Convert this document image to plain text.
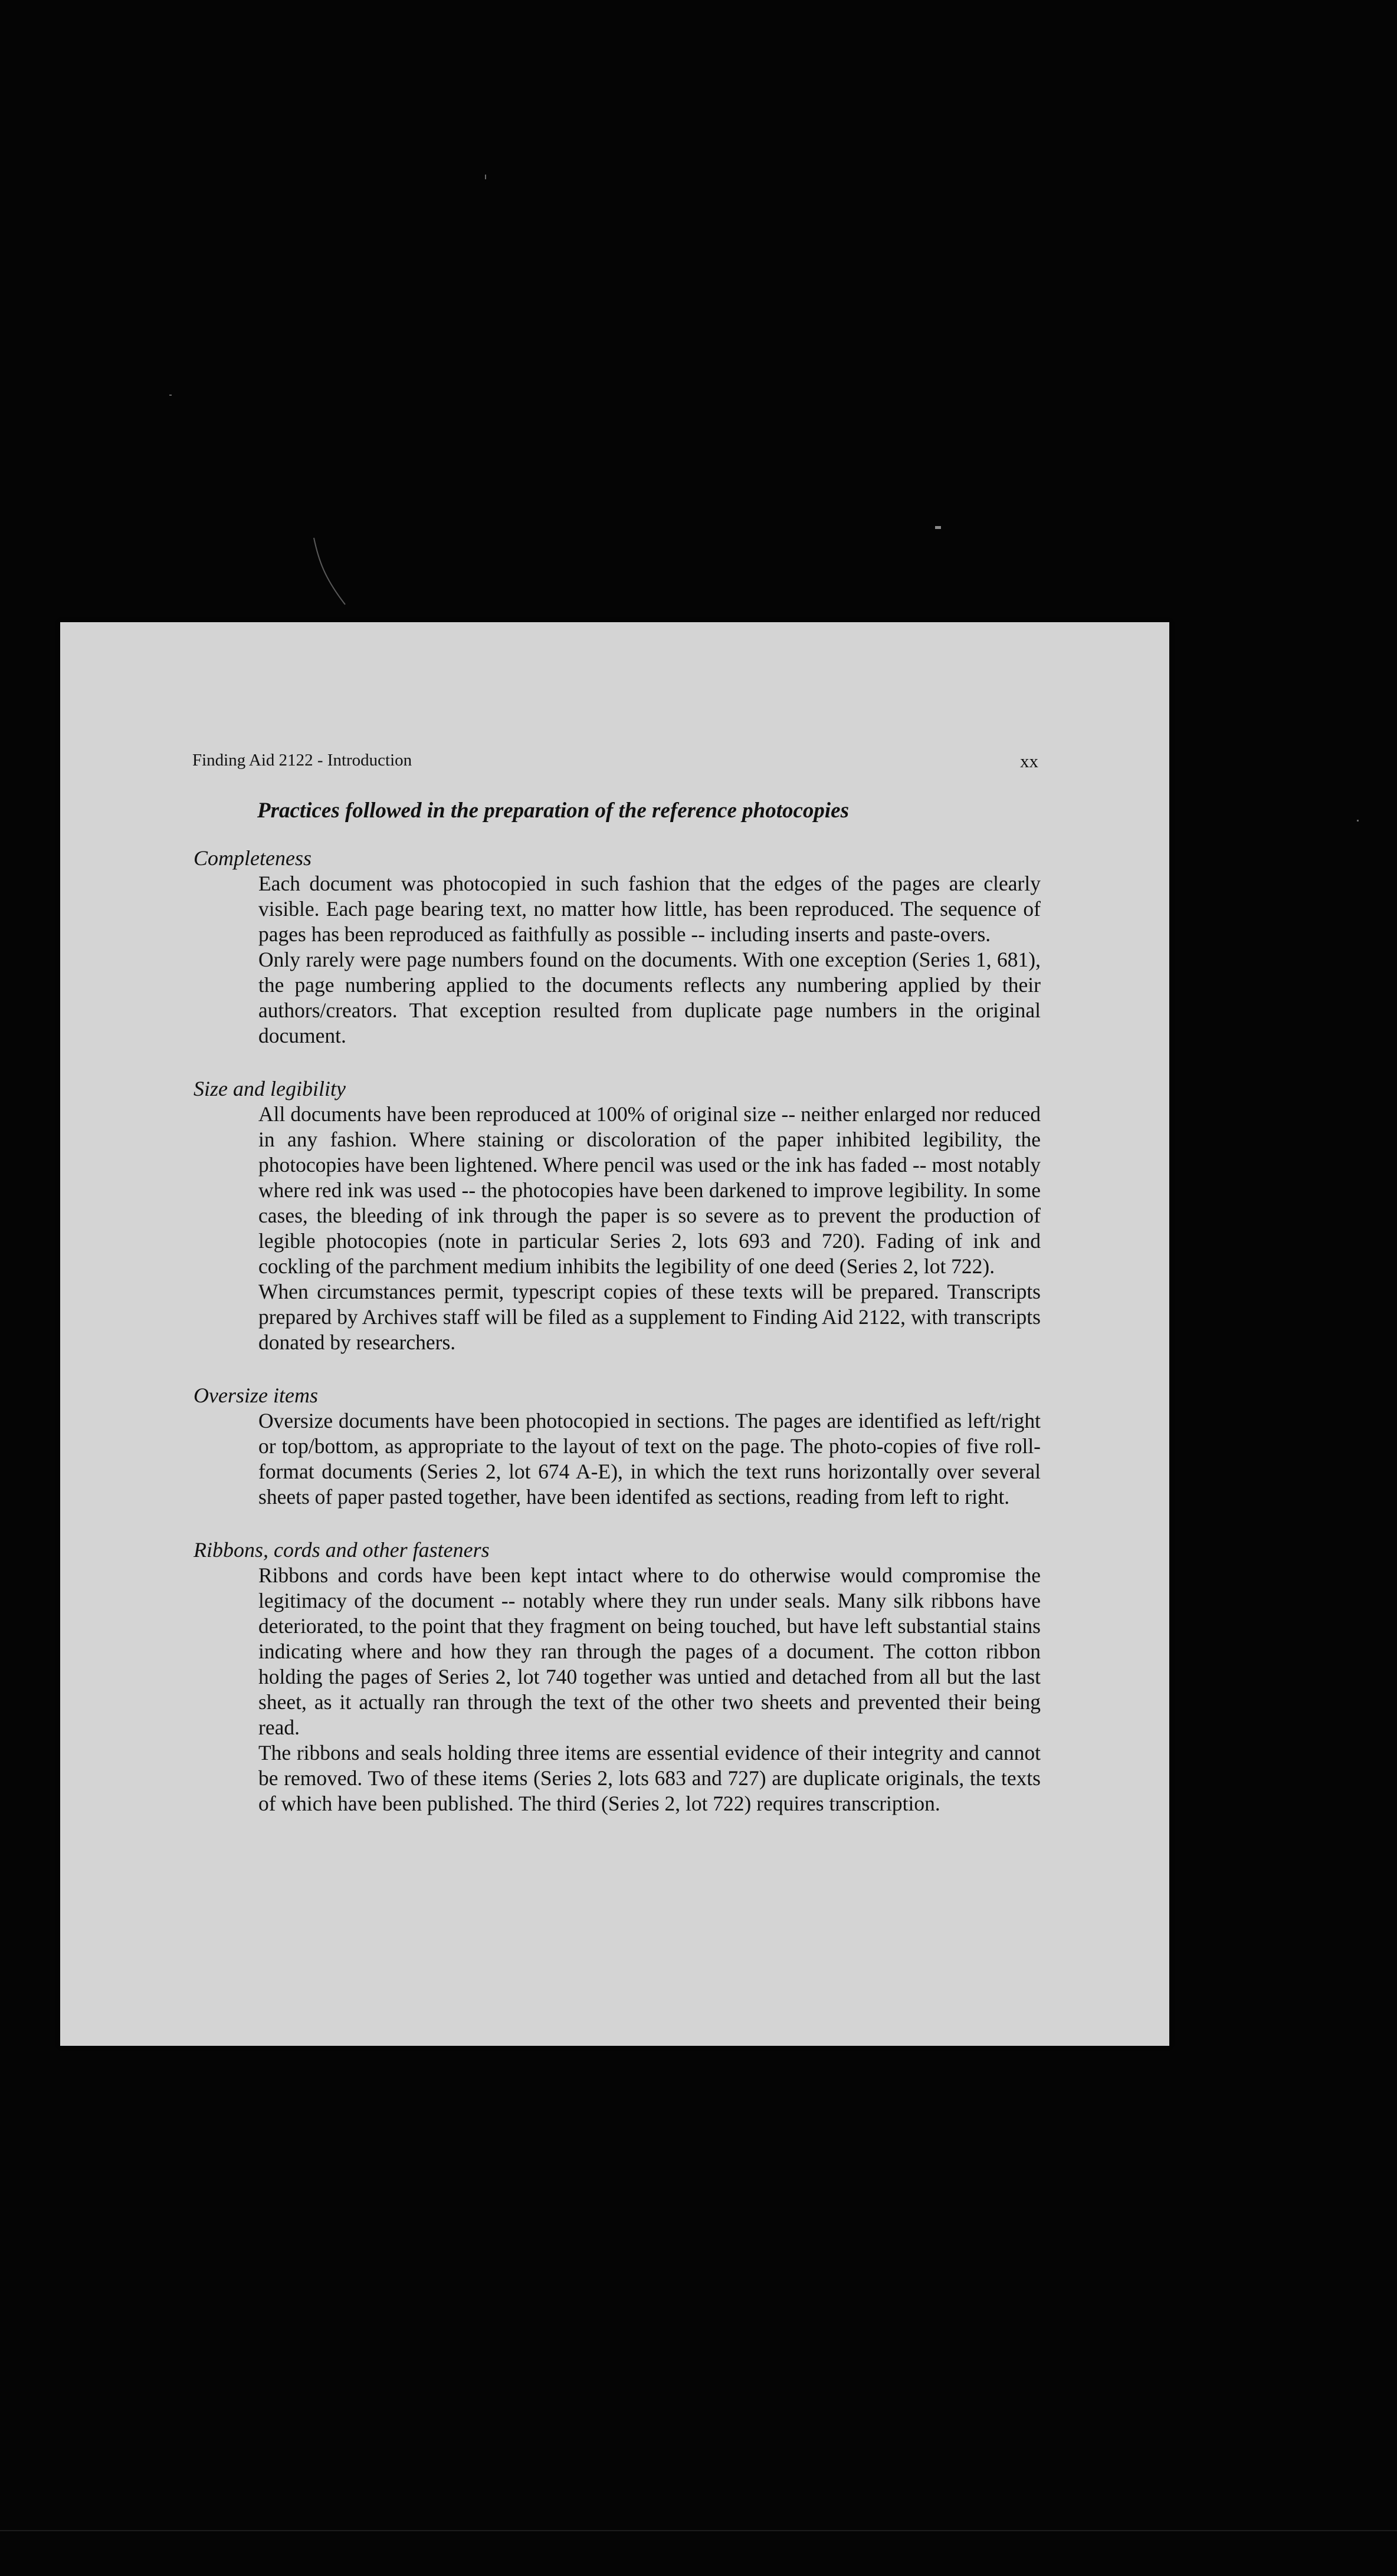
Finding Aid 2122 - Introduction	xx
Practices followed in the preparation of the reference photocopies
Completeness

Each document was photocopied in such fashion that the edges of the pages are clearly visible. Each page bearing text, no matter how little, has been reproduced. The sequence of pages has been reproduced as faithfully as possible -- including inserts and paste-overs.

Only rarely were page numbers found on the documents. With one exception (Series 1, 681), the page numbering applied to the documents reflects any numbering applied by their authors/creators. That exception resulted from duplicate page numbers in the original document.

Size and legibility

All documents have been reproduced at 100% of original size -- neither enlarged nor reduced in any fashion. Where staining or discoloration of the paper inhibited legibility, the photocopies have been lightened. Where pencil was used or the ink has faded -- most notably where red ink was used -- the photocopies have been darkened to improve legibility. In some cases, the bleeding of ink through the paper is so severe as to prevent the production of legible photocopies (note in particular Series 2, lots 693 and 720). Fading of ink and cockling of the parchment medium inhibits the legibility of one deed (Series 2, lot 722).

When circumstances permit, typescript copies of these texts will be prepared. Transcripts prepared by Archives staff will be filed as a supplement to Finding Aid 2122, with transcripts donated by researchers.

Oversize items

Oversize documents have been photocopied in sections. The pages are identified as left/right or top/bottom, as appropriate to the layout of text on the page. The photo-copies of five roll-format documents (Series 2, lot 674 A-E), in which the text runs horizontally over several sheets of paper pasted together, have been identifed as sections, reading from left to right.

Ribbons, cords and other fasteners

Ribbons and cords have been kept intact where to do otherwise would compromise the legitimacy of the document -- notably where they run under seals. Many silk ribbons have deteriorated, to the point that they fragment on being touched, but have left substantial stains indicating where and how they ran through the pages of a document. The cotton ribbon holding the pages of Series 2, lot 740 together was untied and detached from all but the last sheet, as it actually ran through the text of the other two sheets and prevented their being read.

The ribbons and seals holding three items are essential evidence of their integrity and cannot be removed. Two of these items (Series 2, lots 683 and 727) are duplicate originals, the texts of which have been published. The third (Series 2, lot 722) requires transcription.
